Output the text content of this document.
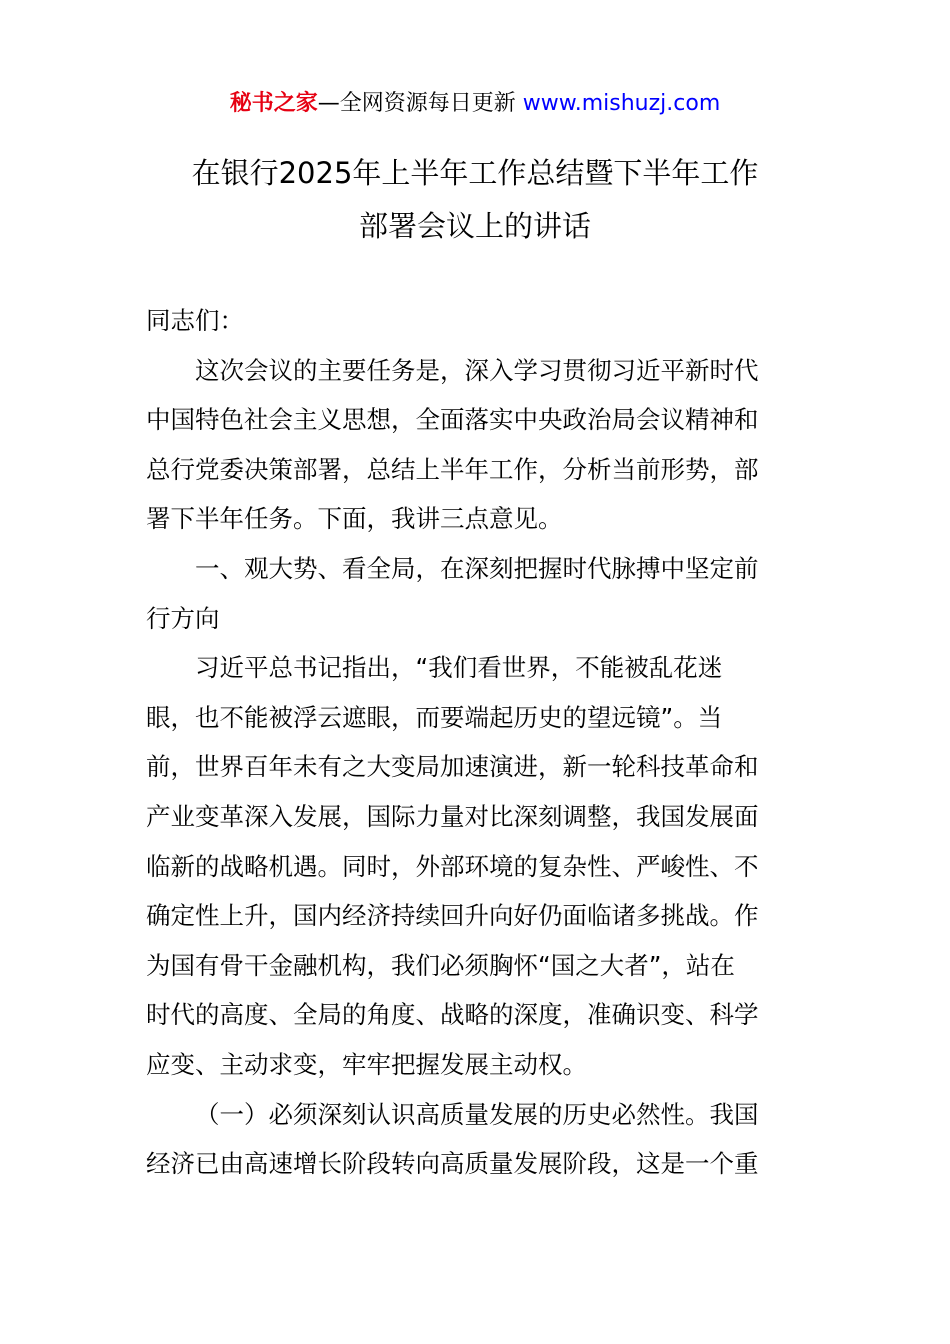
秘书之家—全网资源每日更新 www.mishuzj.com
在银行2025年上半年工作总结暨下半年工作
部署会议上的讲话
同志们：
这次会议的主要任务是，深入学习贯彻习近平新时代
中国特色社会主义思想，全面落实中央政治局会议精神和
总行党委决策部署，总结上半年工作，分析当前形势，部
署下半年任务。下面，我讲三点意见。
一、观大势、看全局，在深刻把握时代脉搏中坚定前
行方向
习近平总书记指出，“我们看世界，不能被乱花迷
眼，也不能被浮云遮眼，而要端起历史的望远镜”。当
前，世界百年未有之大变局加速演进，新一轮科技革命和
产业变革深入发展，国际力量对比深刻调整，我国发展面
临新的战略机遇。同时，外部环境的复杂性、严峻性、不
确定性上升，国内经济持续回升向好仍面临诸多挑战。作
为国有骨干金融机构，我们必须胸怀“国之大者”，站在
时代的高度、全局的角度、战略的深度，准确识变、科学
应变、主动求变，牢牢把握发展主动权。
（一）必须深刻认识高质量发展的历史必然性。我国
经济已由高速增长阶段转向高质量发展阶段，这是一个重
